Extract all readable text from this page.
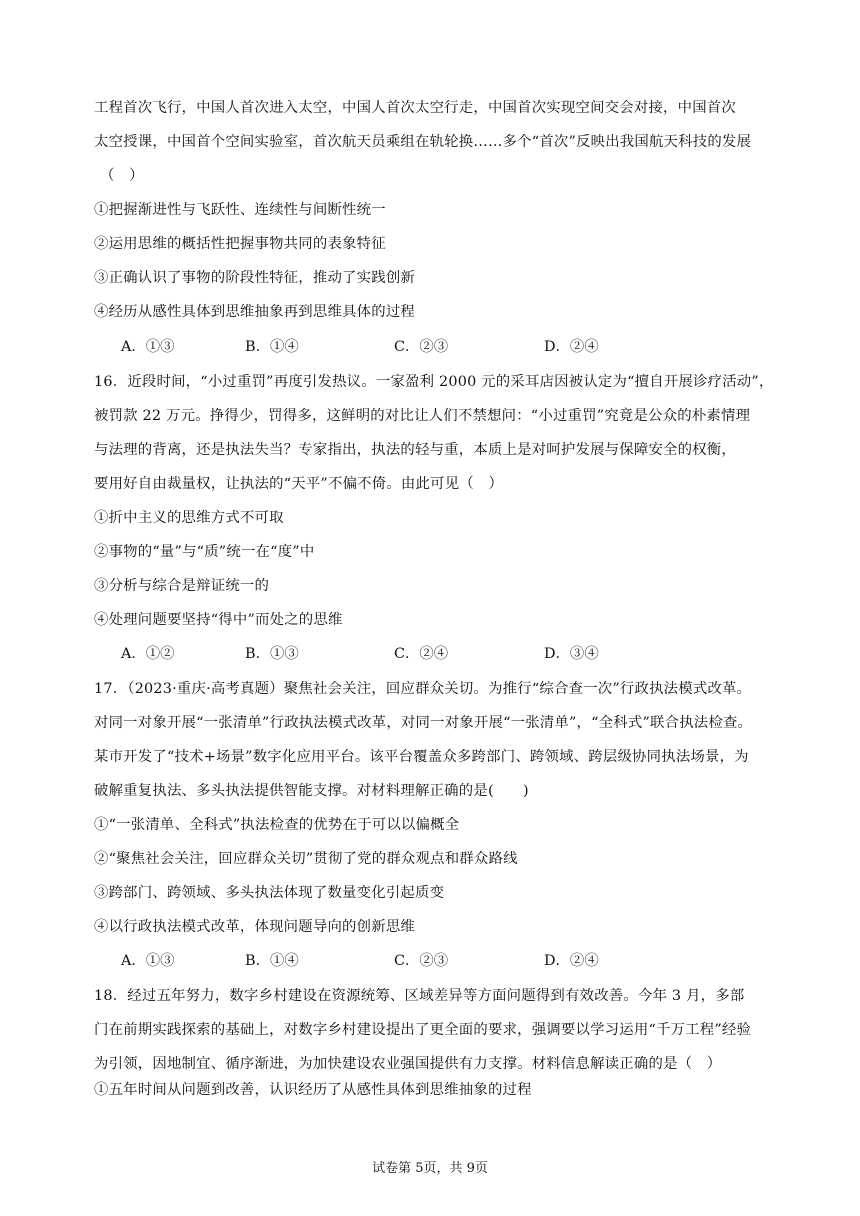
工程首次飞行，中国人首次进入太空，中国人首次太空行走，中国首次实现空间交会对接，中国首次
太空授课，中国首个空间实验室，首次航天员乘组在轨轮换……多个“首次”反映出我国航天科技的发展
（　）
①把握渐进性与飞跃性、连续性与间断性统一
②运用思维的概括性把握事物共同的表象特征
③正确认识了事物的阶段性特征，推动了实践创新
④经历从感性具体到思维抽象再到思维具体的过程
A．①③	B．①④	C．②③	D．②④
16．近段时间，“小过重罚”再度引发热议。一家盈利 2000 元的采耳店因被认定为“擅自开展诊疗活动”，
被罚款 22 万元。挣得少，罚得多，这鲜明的对比让人们不禁想问：“小过重罚”究竟是公众的朴素情理
与法理的背离，还是执法失当？专家指出，执法的轻与重，本质上是对呵护发展与保障安全的权衡，
要用好自由裁量权，让执法的“天平”不偏不倚。由此可见（　）
①折中主义的思维方式不可取
②事物的“量”与“质”统一在“度”中
③分析与综合是辩证统一的
④处理问题要坚持“得中”而处之的思维
A．①②	B．①③	C．②④	D．③④
17．（2023·重庆·高考真题）聚焦社会关注，回应群众关切。为推行“综合查一次”行政执法模式改革。
对同一对象开展“一张清单”行政执法模式改革，对同一对象开展“一张清单”，“全科式”联合执法检查。
某市开发了“技术+场景”数字化应用平台。该平台覆盖众多跨部门、跨领域、跨层级协同执法场景，为
破解重复执法、多头执法提供智能支撑。对材料理解正确的是(　　)
①“一张清单、全科式”执法检查的优势在于可以以偏概全
②“聚焦社会关注，回应群众关切”贯彻了党的群众观点和群众路线
③跨部门、跨领域、多头执法体现了数量变化引起质变
④以行政执法模式改革，体现问题导向的创新思维
A．①③	B．①④	C．②③	D．②④
18．经过五年努力，数字乡村建设在资源统筹、区域差异等方面问题得到有效改善。今年 3 月，多部
门在前期实践探索的基础上，对数字乡村建设提出了更全面的要求，强调要以学习运用“千万工程”经验
为引领，因地制宜、循序渐进，为加快建设农业强国提供有力支撑。材料信息解读正确的是（　）
①五年时间从问题到改善，认识经历了从感性具体到思维抽象的过程
试卷第 5页，共 9页
